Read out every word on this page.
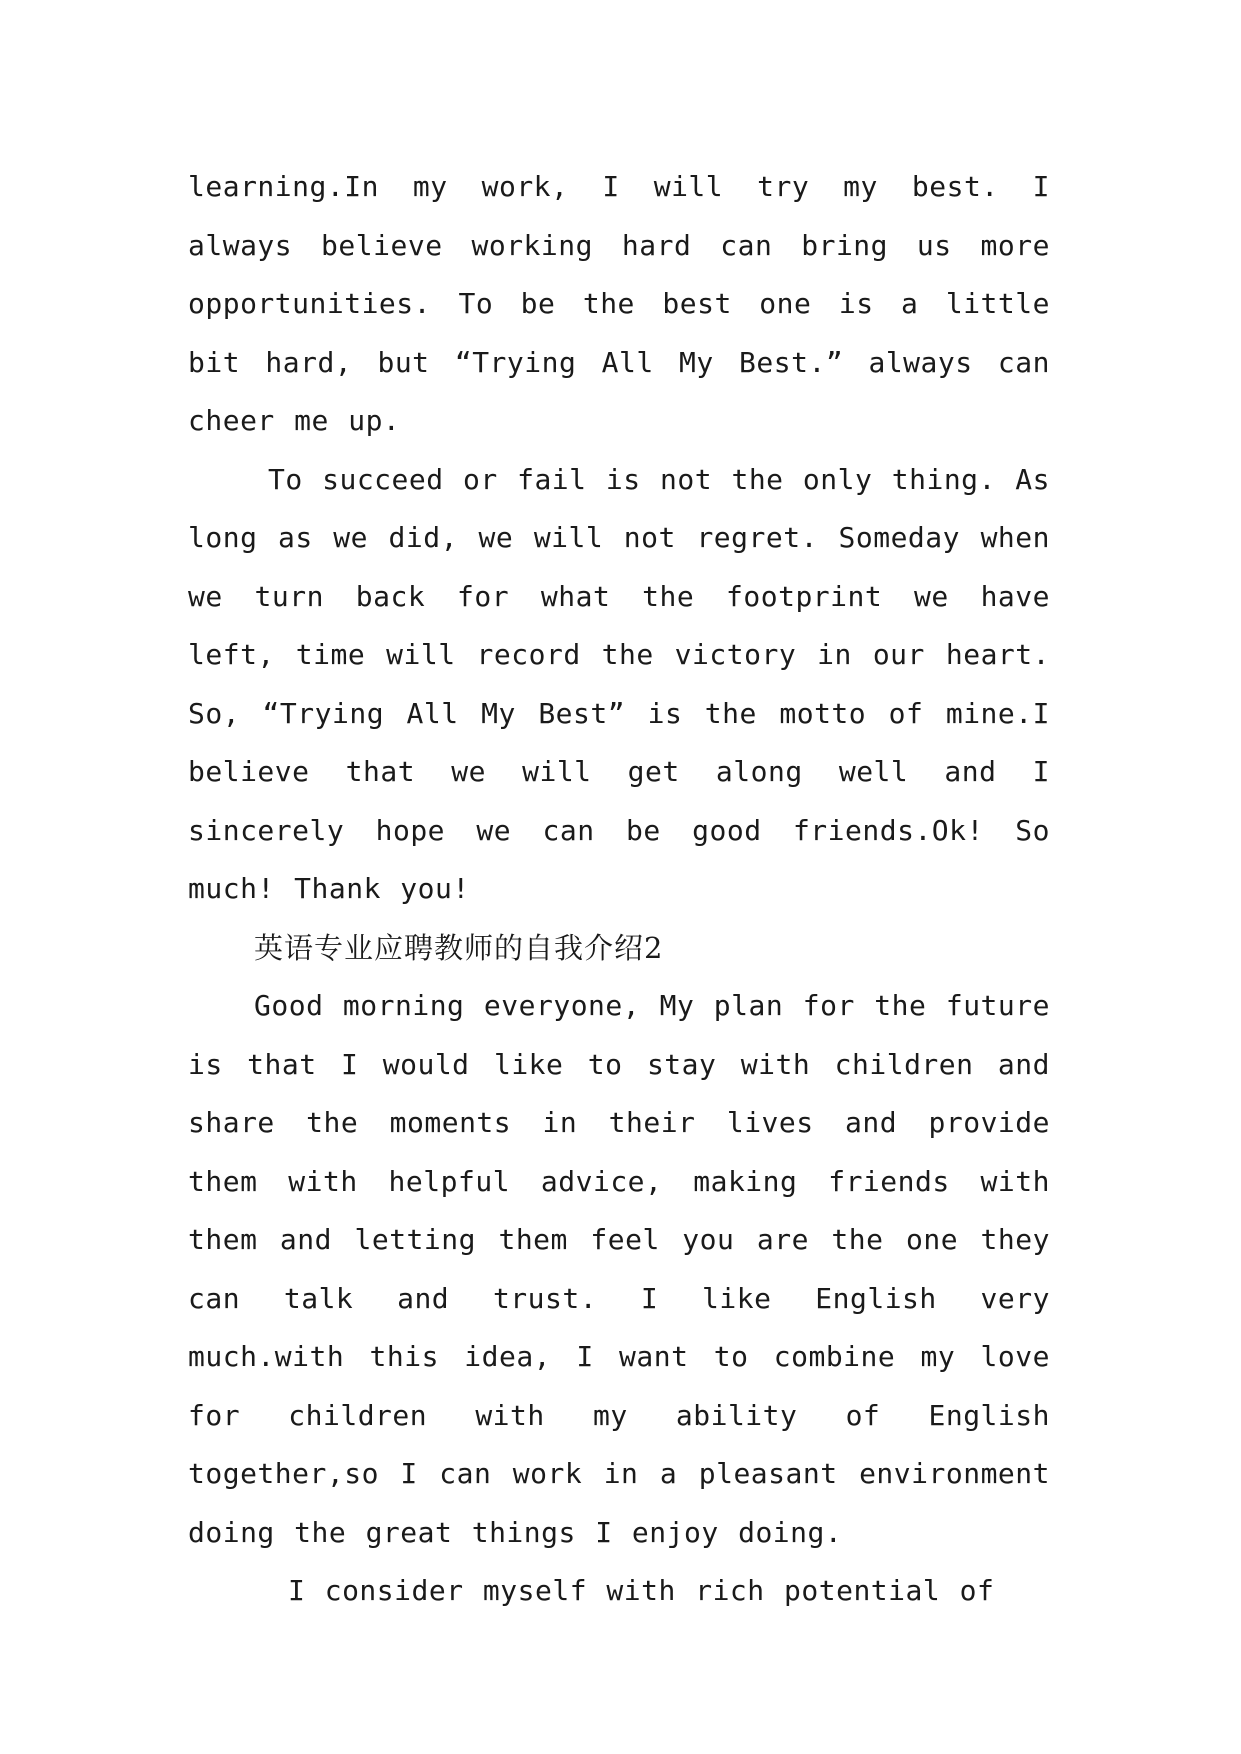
learning.In my work, I will try my best. I always believe working hard can bring us more opportunities. To be the best one is a little bit hard, but “Trying All My Best.” always can cheer me up.

To succeed or fail is not the only thing. As long as we did, we will not regret. Someday when we turn back for what the footprint we have left, time will record the victory in our heart. So, “Trying All My Best” is the motto of mine.I believe that we will get along well and I sincerely hope we can be good friends.Ok! So much! Thank you!

英语专业应聘教师的自我介绍2

Good morning everyone, My plan for the future is that I would like to stay with children and share the moments in their lives and provide them with helpful advice, making friends with them and letting them feel you are the one they can talk and trust. I like English very much.with this idea, I want to combine my love for children with my ability of English together,so I can work in a pleasant environment doing the great things I enjoy doing.

I consider myself with rich potential of
